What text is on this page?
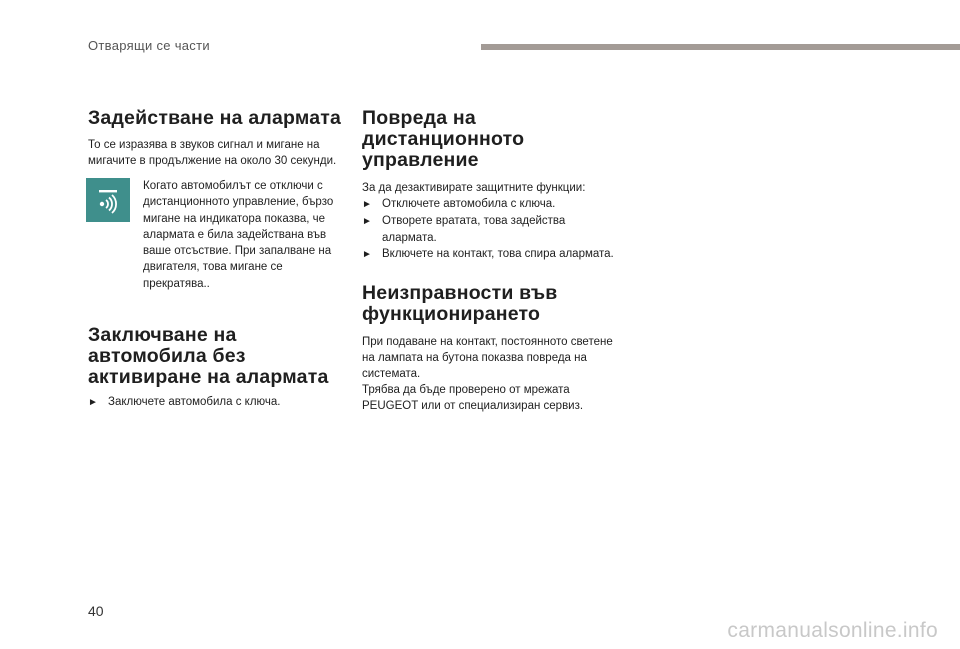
Отварящи се части
Задействане на алармата

То се изразява в звуков сигнал и мигане на мигачите в продължение на около 30 секунди.

Когато автомобилът се отключи с дистанционното управление, бързо мигане на индикатора показва, че алармата е била задействана във ваше отсъствие. При запалване на двигателя, това мигане се прекратява..
Заключване на автомобила без активиране на алармата
► Заключете автомобила с ключа.
Повреда на дистанционното управление

За да дезактивирате защитните функции:

► Отключете автомобила с ключа.
► Отворете вратата, това задейства алармата.
► Включете на контакт, това спира алармата.
Неизправности във функционирането

При подаване на контакт, постоянното светене на лампата на бутона показва повреда на системата.

Трябва да бъде проверено от мрежата PEUGEOT или от специализиран сервиз.

40
carmanualsonline.info
